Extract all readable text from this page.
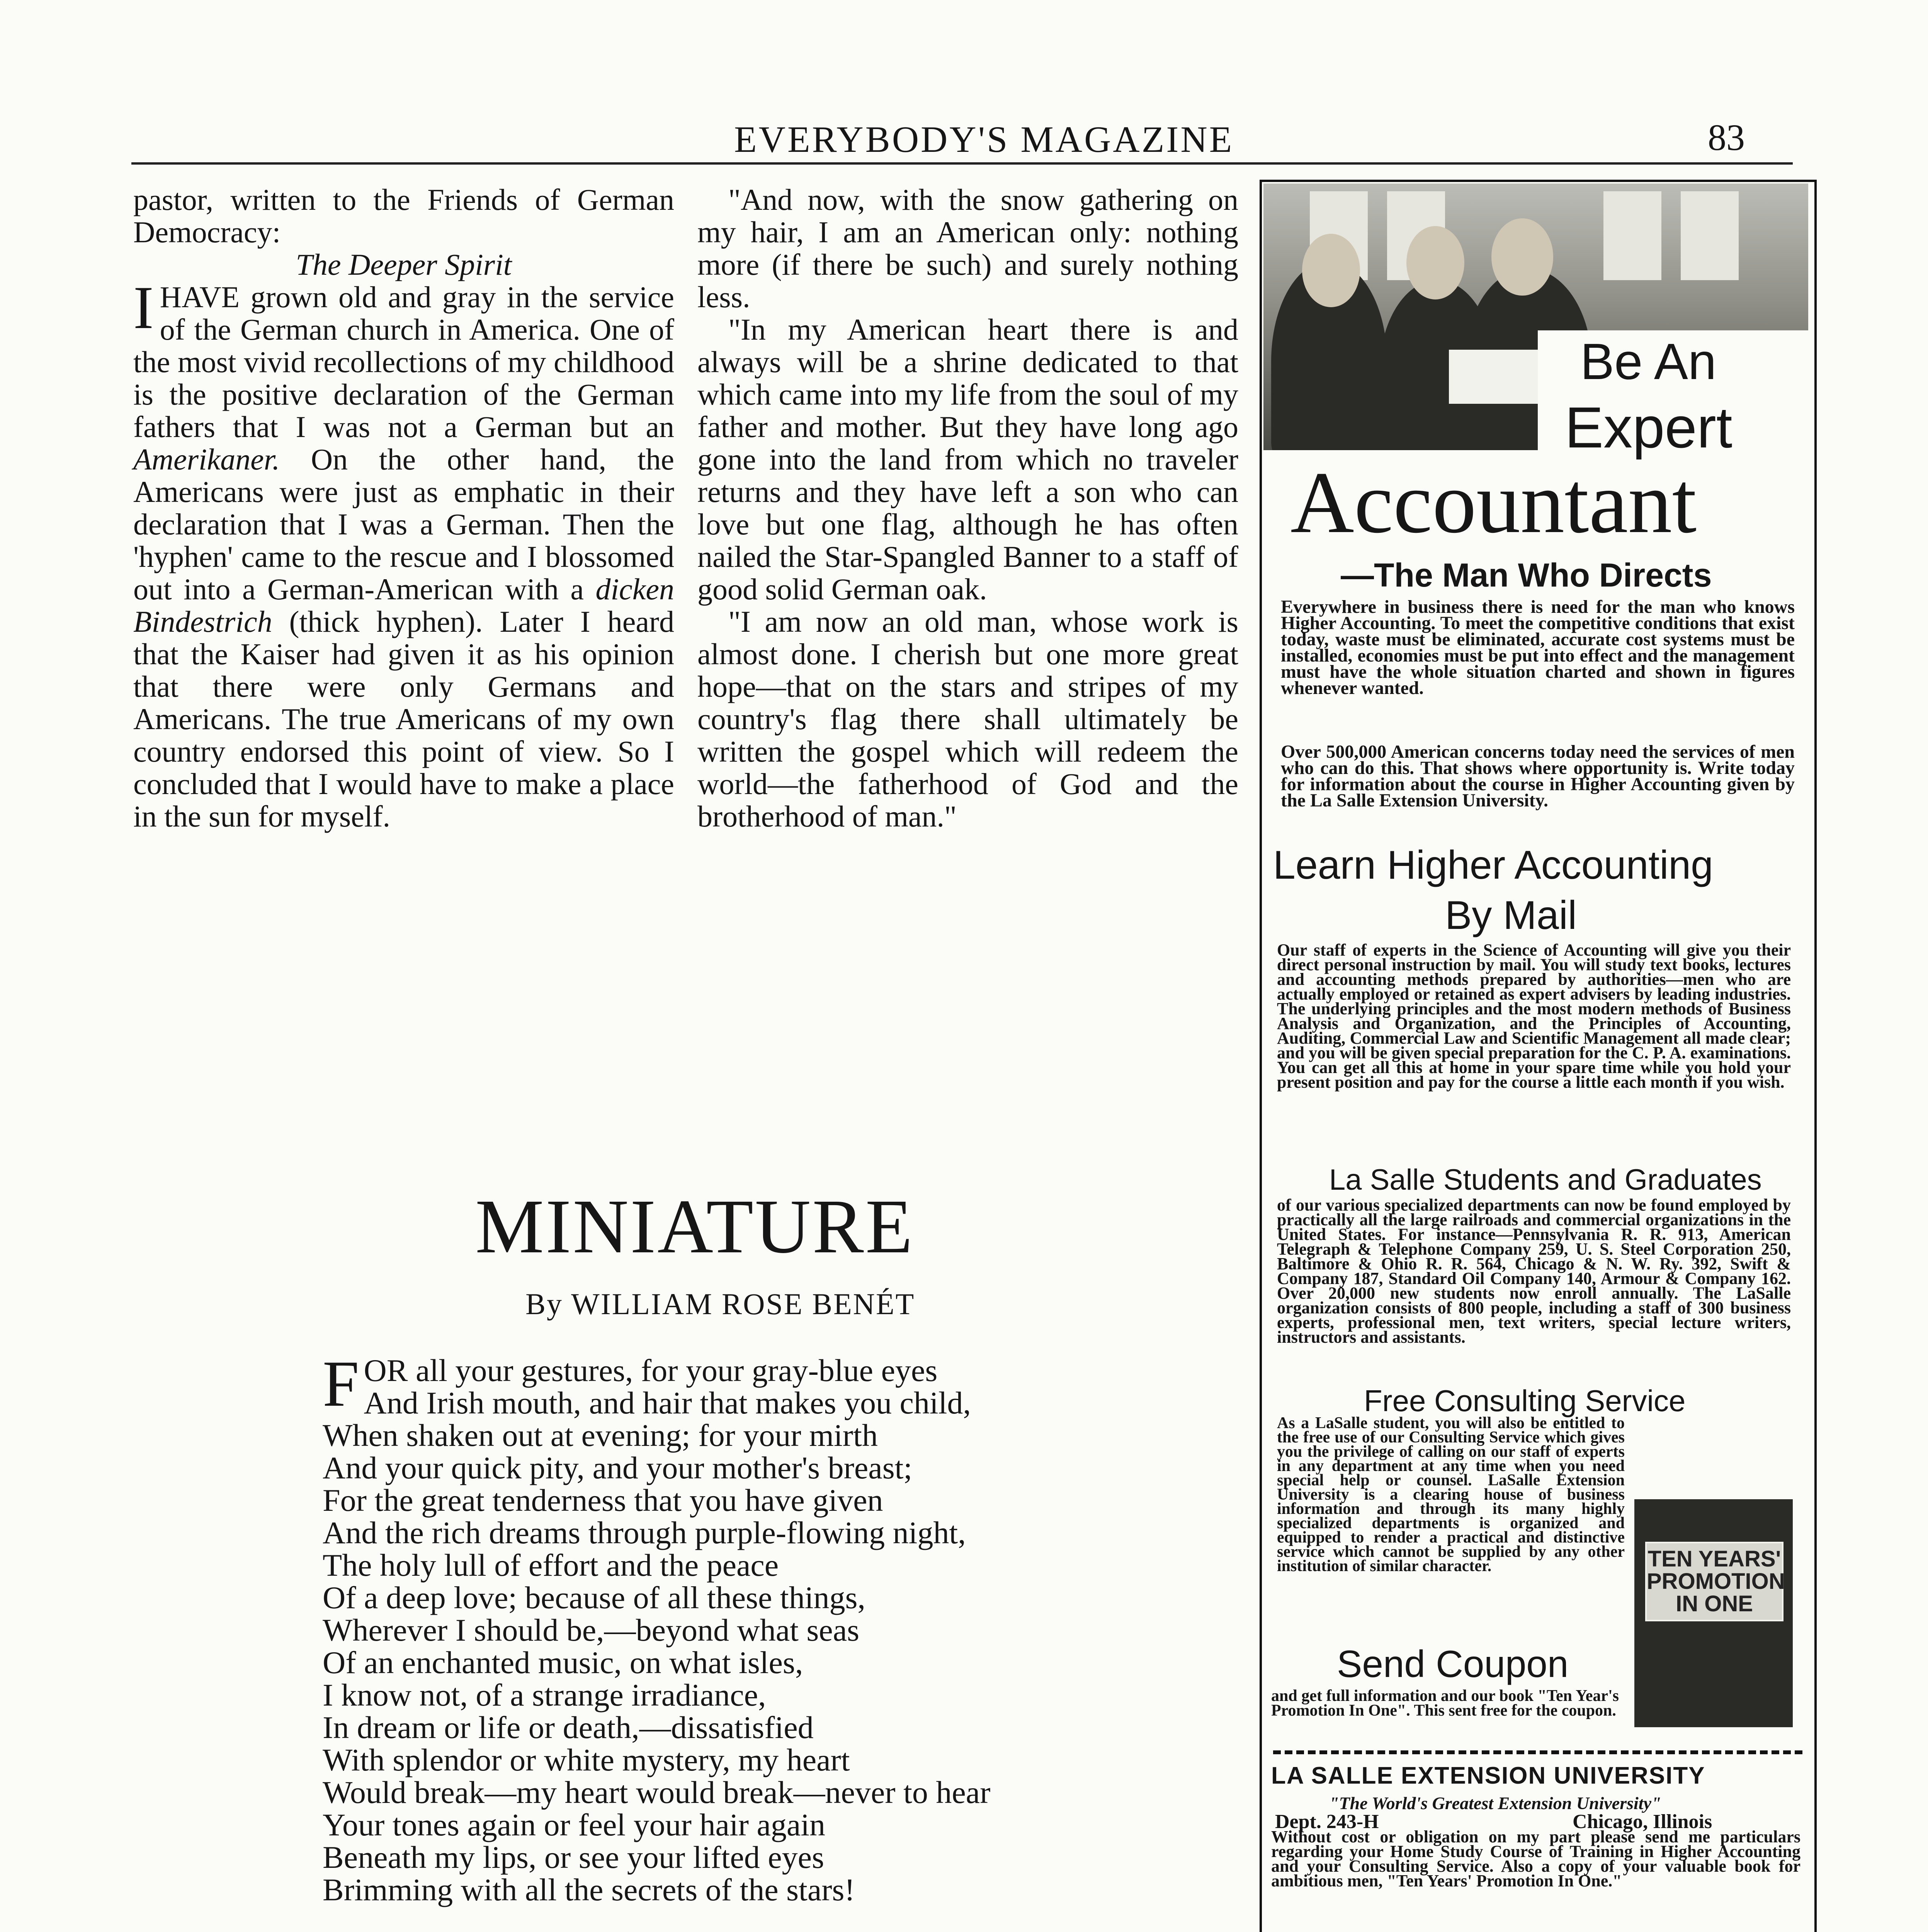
EVERYBODY'S MAGAZINE	83

pastor, written to the Friends of German Democracy:

The Deeper Spirit

IHAVE grown old and gray in the service of the German church in America. One of the most vivid recollections of my childhood is the positive declaration of the German fathers that I was not a German but an Amerikaner. On the other hand, the Americans were just as emphatic in their declaration that I was a German. Then the 'hyphen' came to the rescue and I blossomed out into a German-American with a dicken Bindestrich (thick hyphen). Later I heard that the Kaiser had given it as his opinion that there were only Germans and Americans. The true Americans of my own country endorsed this point of view. So I concluded that I would have to make a place in the sun for myself.

"And now, with the snow gathering on my hair, I am an American only: nothing more (if there be such) and surely nothing less.

"In my American heart there is and always will be a shrine dedicated to that which came into my life from the soul of my father and mother. But they have long ago gone into the land from which no traveler returns and they have left a son who can love but one flag, although he has often nailed the Star-Spangled Banner to a staff of good solid German oak.

"I am now an old man, whose work is almost done. I cherish but one more great hope—that on the stars and stripes of my country's flag there shall ultimately be written the gospel which will redeem the world—the fatherhood of God and the brotherhood of man."

MINIATURE
By WILLIAM ROSE BENÉT
F OR all your gestures, for your gray-blue eyes
And Irish mouth, and hair that makes you child,
When shaken out at evening; for your mirth
And your quick pity, and your mother's breast;
For the great tenderness that you have given
And the rich dreams through purple-flowing night,
The holy lull of effort and the peace
Of a deep love; because of all these things,
Wherever I should be,—beyond what seas
Of an enchanted music, on what isles,
I know not, of a strange irradiance,
In dream or life or death,—dissatisfied
With splendor or white mystery, my heart
Would break—my heart would break—never to hear
Your tones again or feel your hair again
Beneath my lips, or see your lifted eyes
Brimming with all the secrets of the stars!
Be An
Expert
Accountant
—The Man Who Directs
Everywhere in business there is need for the man who knows Higher Accounting. To meet the competitive conditions that exist today, waste must be eliminated, accurate cost systems must be installed, economies must be put into effect and the management must have the whole situation charted and shown in figures whenever wanted.
Over 500,000 American concerns today need the services of men who can do this. That shows where opportunity is. Write today for information about the course in Higher Accounting given by the La Salle Extension University.
Learn Higher Accounting
By Mail
Our staff of experts in the Science of Accounting will give you their direct personal instruction by mail. You will study text books, lectures and accounting methods prepared by authorities—men who are actually employed or retained as expert advisers by leading industries. The underlying principles and the most modern methods of Business Analysis and Organization, and the Principles of Accounting, Auditing, Commercial Law and Scientific Management all made clear; and you will be given special preparation for the C. P. A. examinations. You can get all this at home in your spare time while you hold your present position and pay for the course a little each month if you wish.
La Salle Students and Graduates
of our various specialized departments can now be found employed by practically all the large railroads and commercial organizations in the United States. For instance—Pennsylvania R. R. 913, American Telegraph & Telephone Company 259, U. S. Steel Corporation 250, Baltimore & Ohio R. R. 564, Chicago & N. W. Ry. 392, Swift & Company 187, Standard Oil Company 140, Armour & Company 162. Over 20,000 new students now enroll annually. The LaSalle organization consists of 800 people, including a staff of 300 business experts, professional men, text writers, special lecture writers, instructors and assistants.
Free Consulting Service
As a LaSalle student, you will also be entitled to the free use of our Consulting Service which gives you the privilege of calling on our staff of experts in any department at any time when you need special help or counsel. LaSalle Extension University is a clearing house of business information and through its many highly specialized departments is organized and equipped to render a practical and distinctive service which cannot be supplied by any other institution of similar character.	TEN YEARS' PROMOTION IN ONE
Send Coupon
and get full information and our book "Ten Year's Promotion In One". This sent free for the coupon.
LA SALLE EXTENSION UNIVERSITY
"The World's Greatest Extension University"
Dept. 243-H	Chicago, Illinois
Without cost or obligation on my part please send me particulars regarding your Home Study Course of Training in Higher Accounting and your Consulting Service. Also a copy of your valuable book for ambitious men, "Ten Years' Promotion In One."
